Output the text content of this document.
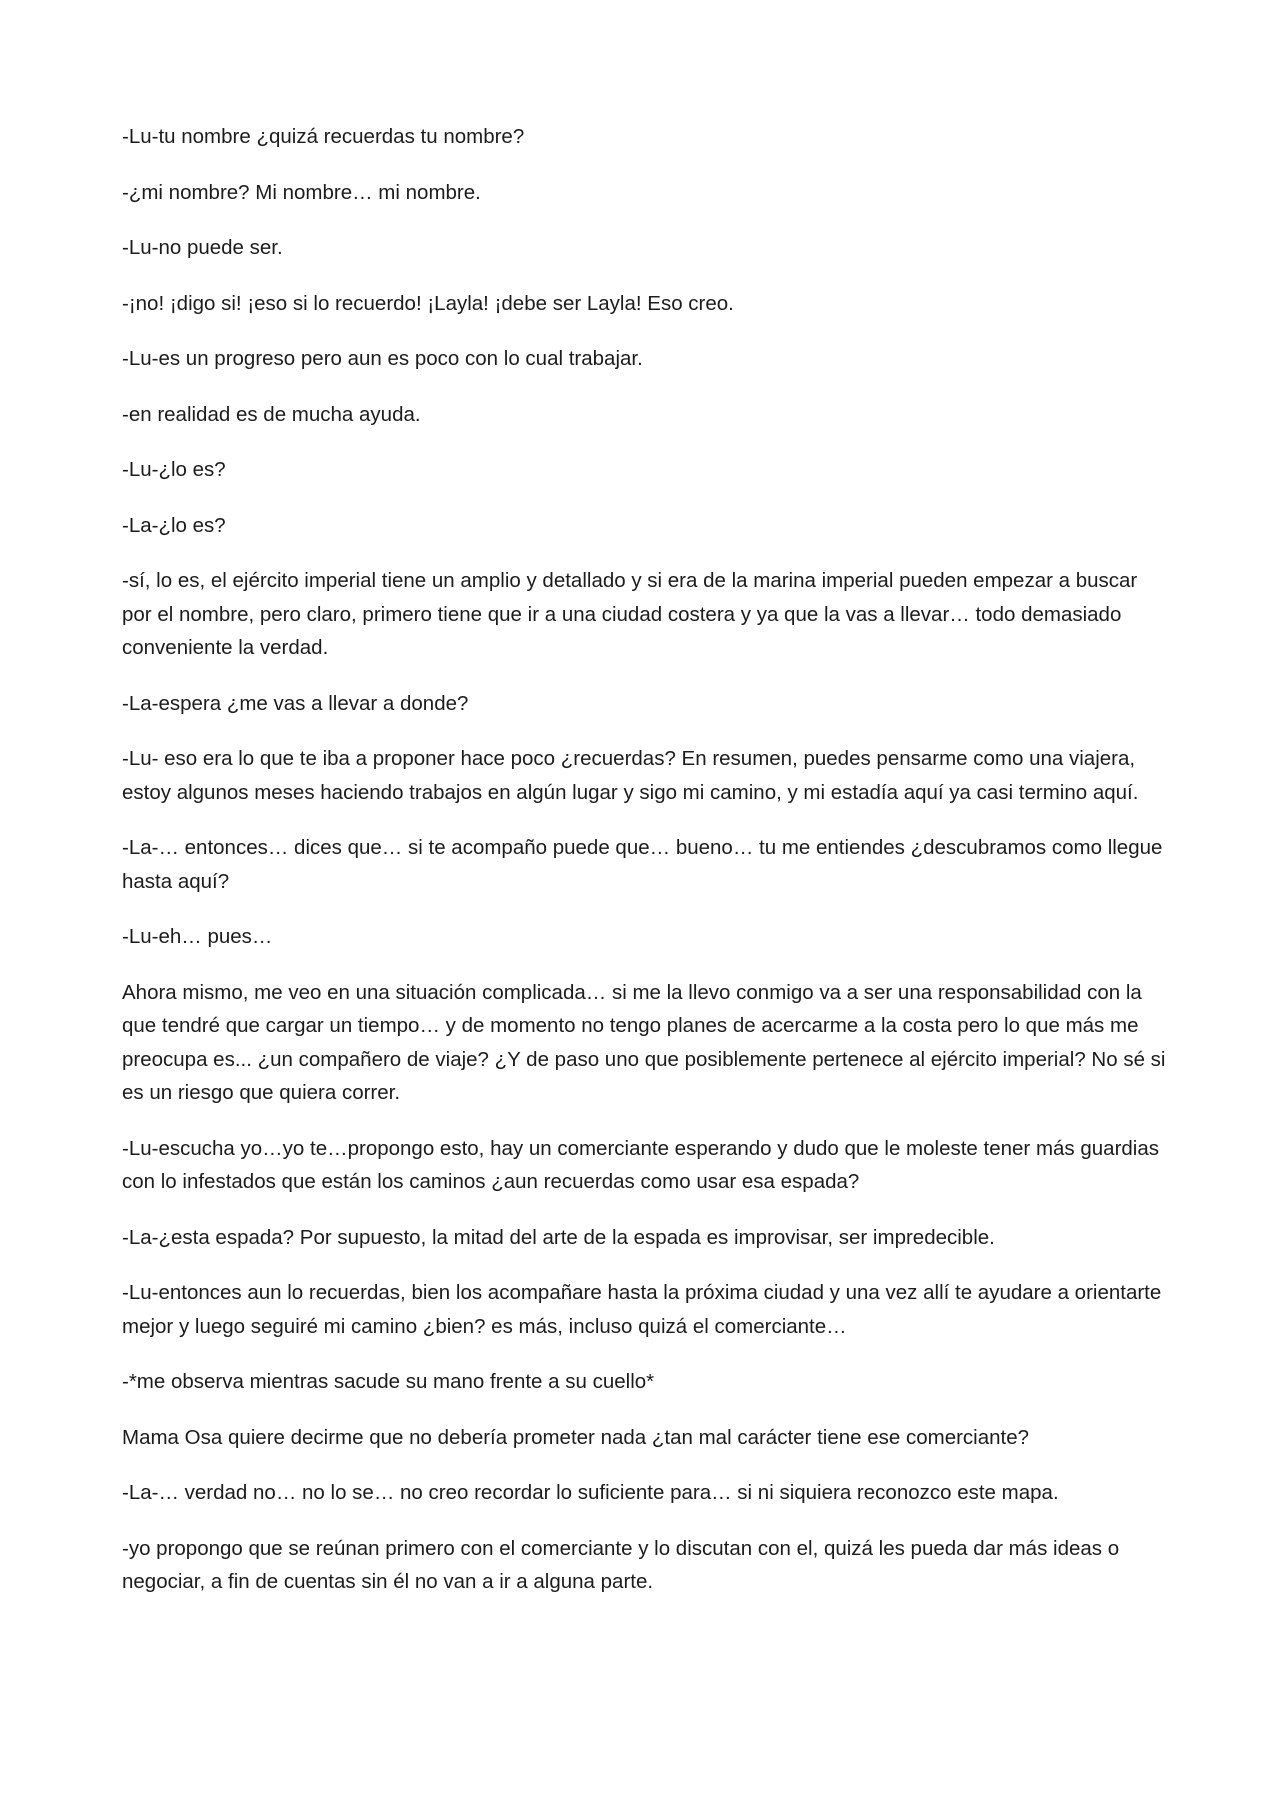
-Lu-tu nombre ¿quizá recuerdas tu nombre?

-¿mi nombre? Mi nombre… mi nombre.

-Lu-no puede ser.

-¡no! ¡digo si! ¡eso si lo recuerdo! ¡Layla! ¡debe ser Layla! Eso creo.

-Lu-es un progreso pero aun es poco con lo cual trabajar.

-en realidad es de mucha ayuda.

-Lu-¿lo es?

-La-¿lo es?

-sí, lo es, el ejército imperial tiene un amplio y detallado y si era de la marina imperial pueden empezar a buscar por el nombre, pero claro, primero tiene que ir a una ciudad costera y ya que la vas a llevar… todo demasiado conveniente la verdad.

-La-espera ¿me vas a llevar a donde?

-Lu- eso era lo que te iba a proponer hace poco ¿recuerdas? En resumen, puedes pensarme como una viajera, estoy algunos meses haciendo trabajos en algún lugar y sigo mi camino, y mi estadía aquí ya casi termino aquí.

-La-… entonces… dices que… si te acompaño puede que… bueno… tu me entiendes ¿descubramos como llegue hasta aquí?

-Lu-eh… pues…

Ahora mismo, me veo en una situación complicada… si me la llevo conmigo va a ser una responsabilidad con la que tendré que cargar un tiempo… y de momento no tengo planes de acercarme a la costa pero lo que más me preocupa es... ¿un compañero de viaje? ¿Y de paso uno que posiblemente pertenece al ejército imperial? No sé si es un riesgo que quiera correr.

-Lu-escucha yo…yo te…propongo esto, hay un comerciante esperando y dudo que le moleste tener más guardias con lo infestados que están los caminos ¿aun recuerdas como usar esa espada?

-La-¿esta espada? Por supuesto, la mitad del arte de la espada es improvisar, ser impredecible.

-Lu-entonces aun lo recuerdas, bien los acompañare hasta la próxima ciudad y una vez allí te ayudare a orientarte mejor y luego seguiré mi camino ¿bien? es más, incluso quizá el comerciante…

-*me observa mientras sacude su mano frente a su cuello*

Mama Osa quiere decirme que no debería prometer nada ¿tan mal carácter tiene ese comerciante?

-La-… verdad no… no lo se… no creo recordar lo suficiente para… si ni siquiera reconozco este mapa.

-yo propongo que se reúnan primero con el comerciante y lo discutan con el, quizá les pueda dar más ideas o negociar, a fin de cuentas sin él no van a ir a alguna parte.
